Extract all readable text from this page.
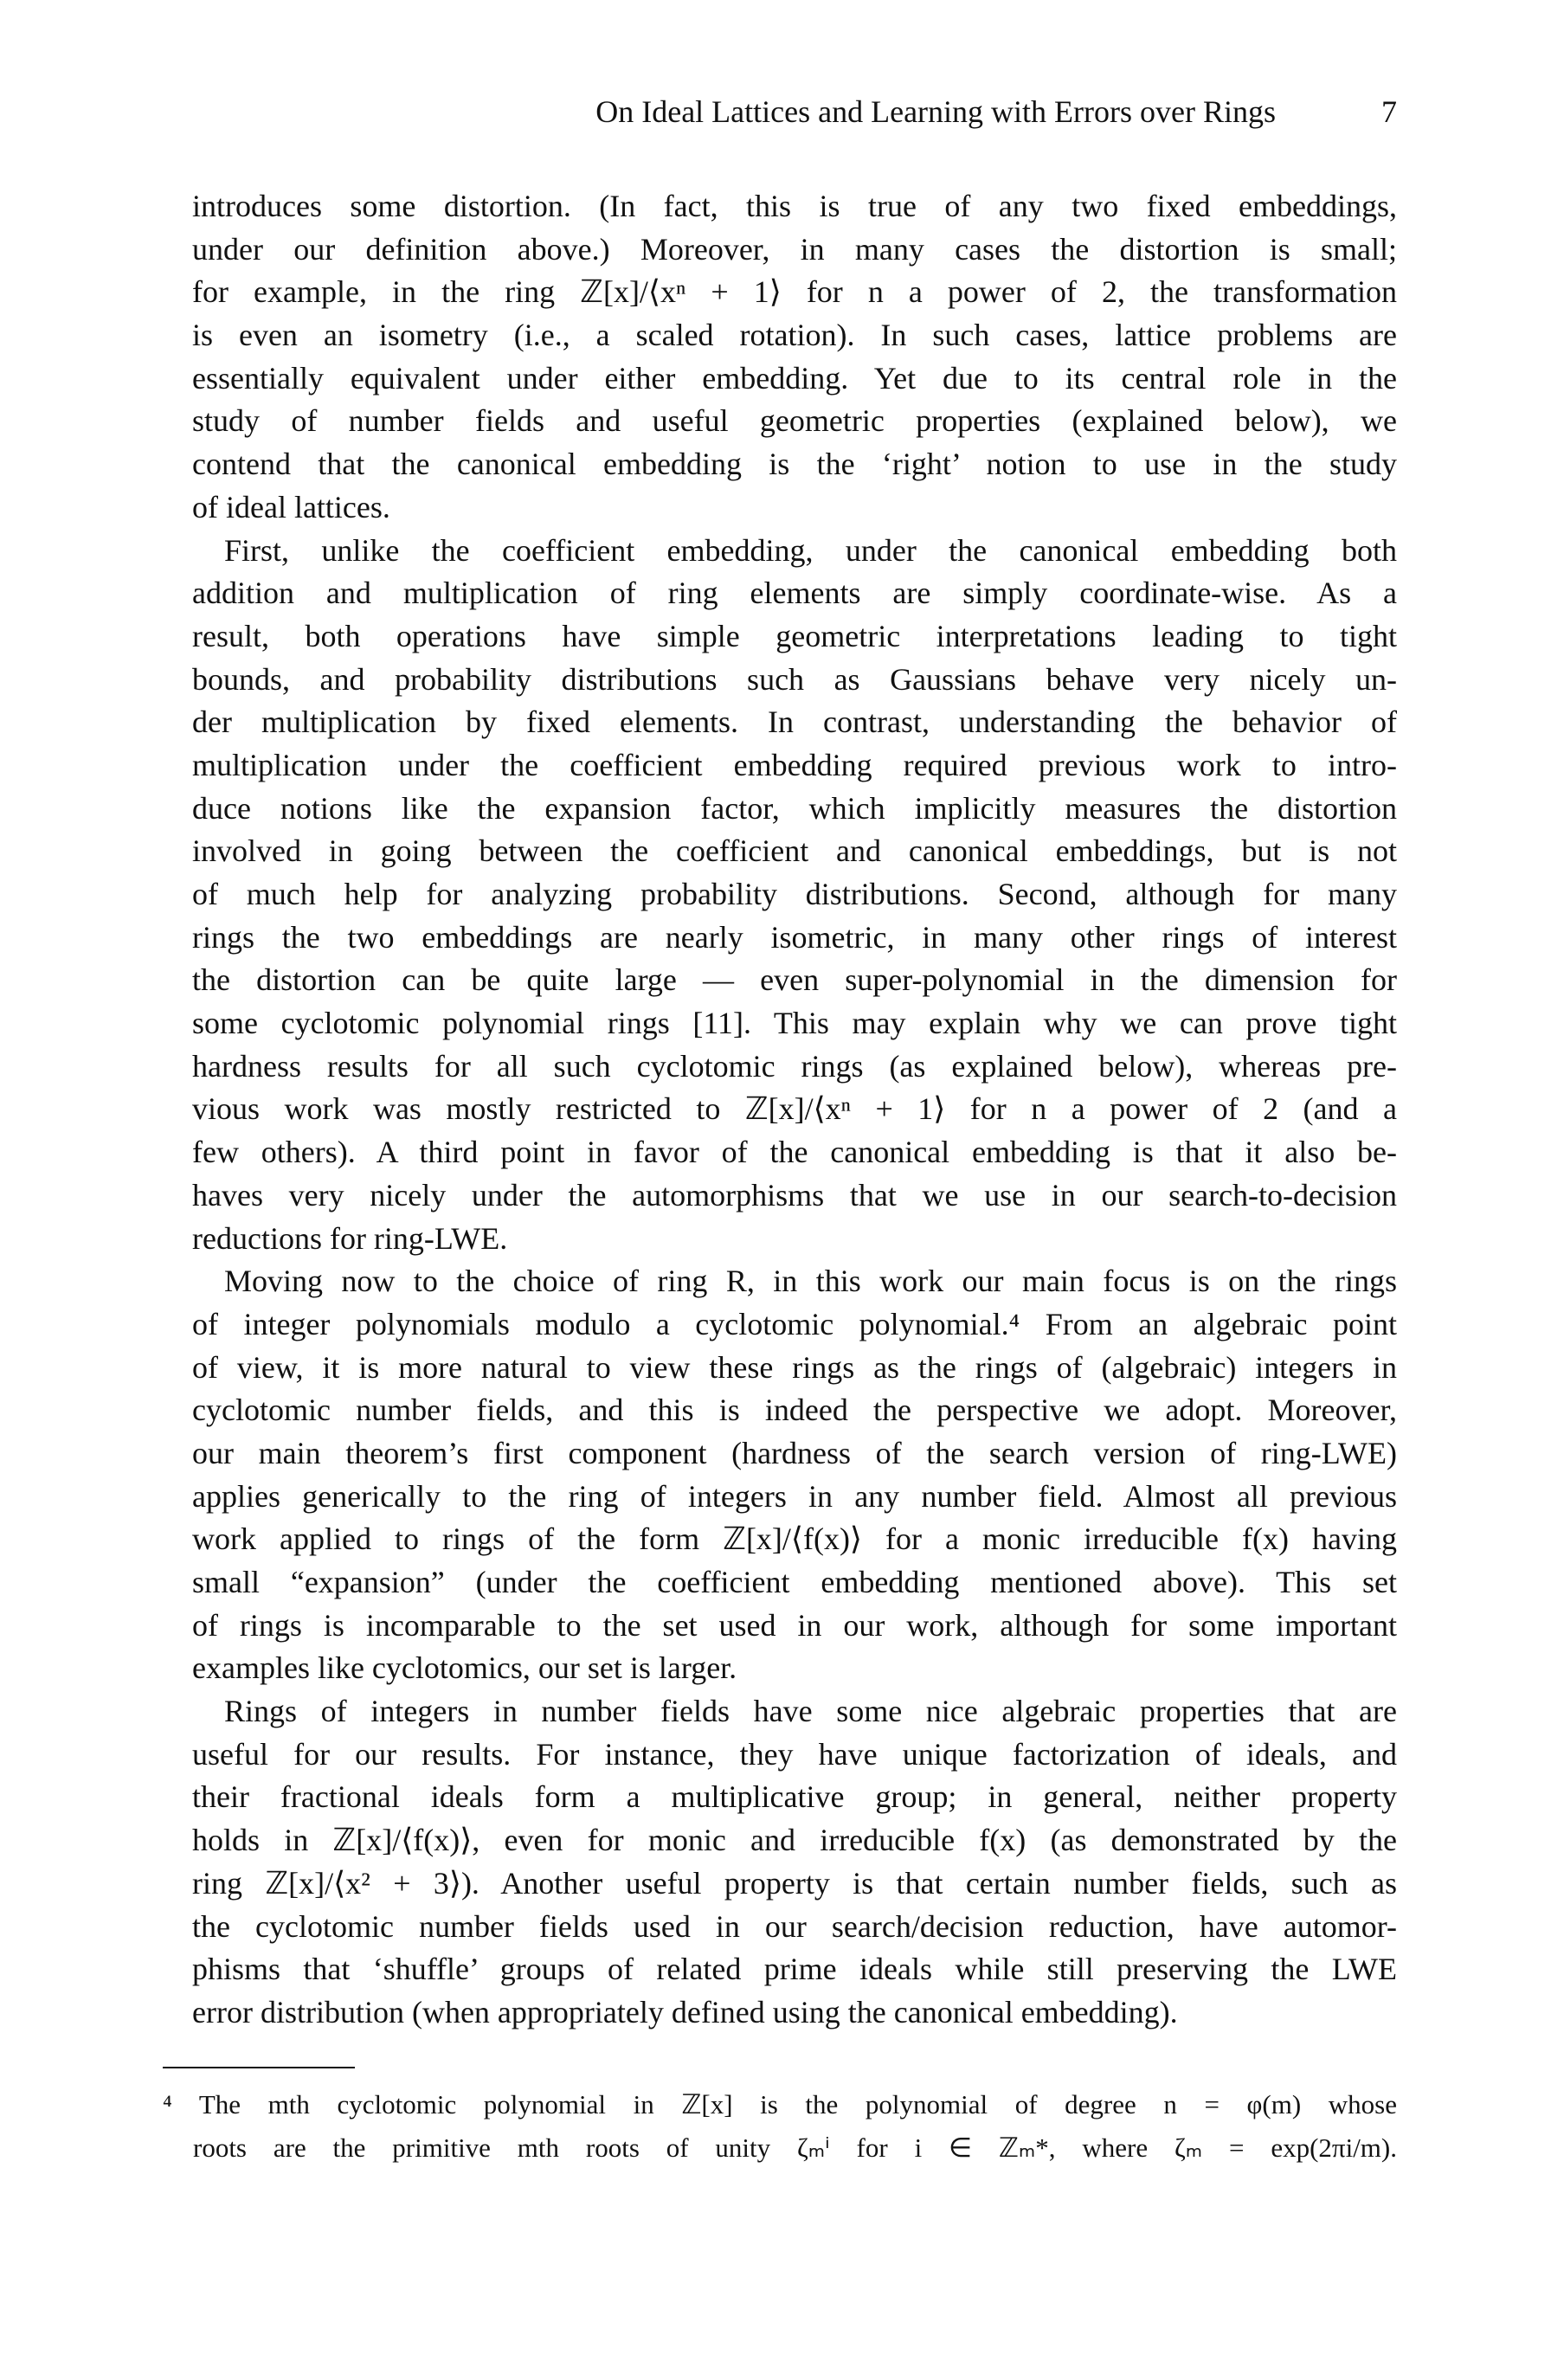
On Ideal Lattices and Learning with Errors over Rings	7
introduces some distortion. (In fact, this is true of any two fixed embeddings,
under our definition above.) Moreover, in many cases the distortion is small;
for example, in the ring ℤ[x]/⟨xⁿ + 1⟩ for n a power of 2, the transformation
is even an isometry (i.e., a scaled rotation). In such cases, lattice problems are
essentially equivalent under either embedding. Yet due to its central role in the
study of number fields and useful geometric properties (explained below), we
contend that the canonical embedding is the ‘right’ notion to use in the study
of ideal lattices.
First, unlike the coefficient embedding, under the canonical embedding both
addition and multiplication of ring elements are simply coordinate-wise. As a
result, both operations have simple geometric interpretations leading to tight
bounds, and probability distributions such as Gaussians behave very nicely un-
der multiplication by fixed elements. In contrast, understanding the behavior of
multiplication under the coefficient embedding required previous work to intro-
duce notions like the expansion factor, which implicitly measures the distortion
involved in going between the coefficient and canonical embeddings, but is not
of much help for analyzing probability distributions. Second, although for many
rings the two embeddings are nearly isometric, in many other rings of interest
the distortion can be quite large — even super-polynomial in the dimension for
some cyclotomic polynomial rings [11]. This may explain why we can prove tight
hardness results for all such cyclotomic rings (as explained below), whereas pre-
vious work was mostly restricted to ℤ[x]/⟨xⁿ + 1⟩ for n a power of 2 (and a
few others). A third point in favor of the canonical embedding is that it also be-
haves very nicely under the automorphisms that we use in our search-to-decision
reductions for ring-LWE.
Moving now to the choice of ring R, in this work our main focus is on the rings
of integer polynomials modulo a cyclotomic polynomial.⁴ From an algebraic point
of view, it is more natural to view these rings as the rings of (algebraic) integers in
cyclotomic number fields, and this is indeed the perspective we adopt. Moreover,
our main theorem’s first component (hardness of the search version of ring-LWE)
applies generically to the ring of integers in any number field. Almost all previous
work applied to rings of the form ℤ[x]/⟨f(x)⟩ for a monic irreducible f(x) having
small “expansion” (under the coefficient embedding mentioned above). This set
of rings is incomparable to the set used in our work, although for some important
examples like cyclotomics, our set is larger.
Rings of integers in number fields have some nice algebraic properties that are
useful for our results. For instance, they have unique factorization of ideals, and
their fractional ideals form a multiplicative group; in general, neither property
holds in ℤ[x]/⟨f(x)⟩, even for monic and irreducible f(x) (as demonstrated by the
ring ℤ[x]/⟨x² + 3⟩). Another useful property is that certain number fields, such as
the cyclotomic number fields used in our search/decision reduction, have automor-
phisms that ‘shuffle’ groups of related prime ideals while still preserving the LWE
error distribution (when appropriately defined using the canonical embedding).
⁴ The mth cyclotomic polynomial in ℤ[x] is the polynomial of degree n = φ(m) whose
roots are the primitive mth roots of unity ζₘⁱ for i ∈ ℤₘ*, where ζₘ = exp(2πi/m).
